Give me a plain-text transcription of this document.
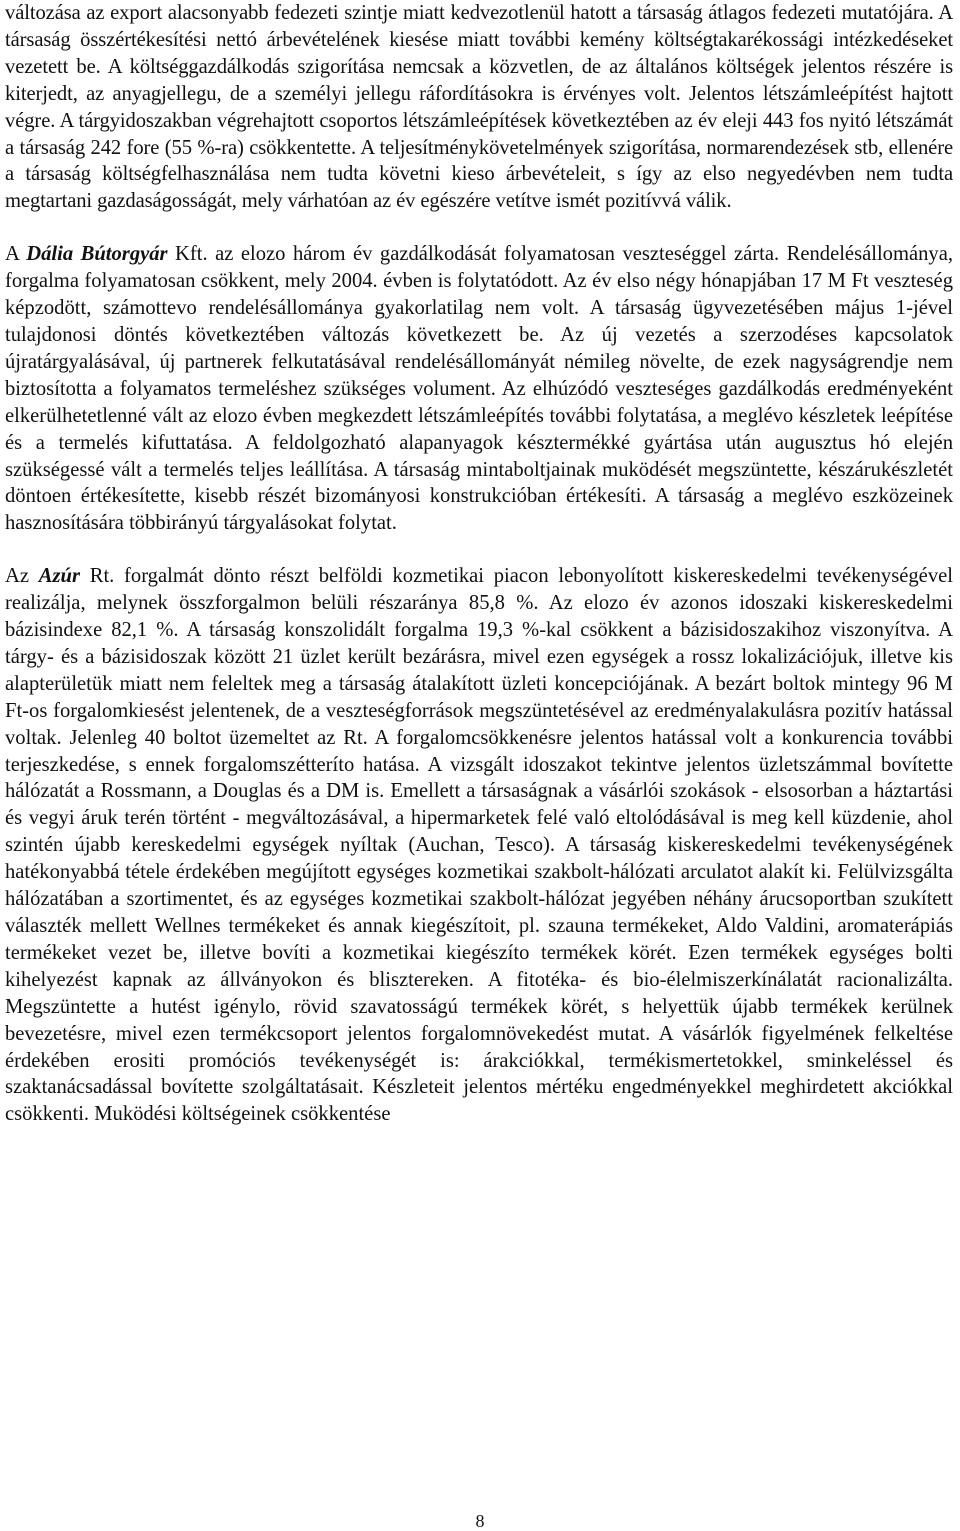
változása az export alacsonyabb fedezeti szintje miatt kedvezotlenül hatott a társaság átlagos fedezeti mutatójára. A társaság összértékesítési nettó árbevételének kiesése miatt további kemény költségtakarékossági intézkedéseket vezetett be. A költséggazdálkodás szigorítása nemcsak a közvetlen, de az általános költségek jelentos részére is kiterjedt, az anyagjellegu, de a személyi jellegu ráfordításokra is érvényes volt. Jelentos létszámleépítést hajtott végre. A tárgyidoszakban végrehajtott csoportos létszámleépítések következtében az év eleji 443 fos nyitó létszámát a társaság 242 fore (55 %-ra) csökkentette. A teljesítménykövetelmények szigorítása, normarendezések stb, ellenére a társaság költségfelhasználása nem tudta követni kieso árbevételeit, s így az elso negyedévben nem tudta megtartani gazdaságosságát, mely várhatóan az év egészére vetítve ismét pozitívvá válik.

A Dália Bútorgyár Kft. az elozo három év gazdálkodását folyamatosan veszteséggel zárta. Rendelésállománya, forgalma folyamatosan csökkent, mely 2004. évben is folytatódott. Az év elso négy hónapjában 17 M Ft veszteség képzodött, számottevo rendelésállománya gyakorlatilag nem volt. A társaság ügyvezetésében május 1-jével tulajdonosi döntés következtében változás következett be. Az új vezetés a szerzodéses kapcsolatok újratárgyalásával, új partnerek felkutatásával rendelésállományát némileg növelte, de ezek nagyságrendje nem biztosította a folyamatos termeléshez szükséges volument. Az elhúzódó veszteséges gazdálkodás eredményeként elkerülhetetlenné vált az elozo évben megkezdett létszámleépítés további folytatása, a meglévo készletek leépítése és a termelés kifuttatása. A feldolgozható alapanyagok késztermékké gyártása után augusztus hó elején szükségessé vált a termelés teljes leállítása. A társaság mintaboltjainak muködését megszüntette, készárukészletét döntoen értékesítette, kisebb részét bizományosi konstrukcióban értékesíti. A társaság a meglévo eszközeinek hasznosítására többirányú tárgyalásokat folytat.

Az Azúr Rt. forgalmát dönto részt belföldi kozmetikai piacon lebonyolított kiskereskedelmi tevékenységével realizálja, melynek összforgalmon belüli részaránya 85,8 %. Az elozo év azonos idoszaki kiskereskedelmi bázisindexe 82,1 %. A társaság konszolidált forgalma 19,3 %-kal csökkent a bázisidoszakihoz viszonyítva. A tárgy- és a bázisidoszak között 21 üzlet került bezárásra, mivel ezen egységek a rossz lokalizációjuk, illetve kis alapterületük miatt nem feleltek meg a társaság átalakított üzleti koncepciójának. A bezárt boltok mintegy 96 M Ft-os forgalomkiesést jelentenek, de a veszteségforrások megszüntetésével az eredményalakulásra pozitív hatással voltak. Jelenleg 40 boltot üzemeltet az Rt. A forgalomcsökkenésre jelentos hatással volt a konkurencia további terjeszkedése, s ennek forgalomszétteríto hatása. A vizsgált idoszakot tekintve jelentos üzletszámmal bovítette hálózatát a Rossmann, a Douglas és a DM is. Emellett a társaságnak a vásárlói szokások - elsosorban a háztartási és vegyi áruk terén történt - megváltozásával, a hipermarketek felé való eltolódásával is meg kell küzdenie, ahol szintén újabb kereskedelmi egységek nyíltak (Auchan, Tesco). A társaság kiskereskedelmi tevékenységének hatékonyabbá tétele érdekében megújított egységes kozmetikai szakbolt-hálózati arculatot alakít ki. Felülvizsgálta hálózatában a szortimentet, és az egységes kozmetikai szakbolt-hálózat jegyében néhány árucsoportban szukített választék mellett Wellnes termékeket és annak kiegészítoit, pl. szauna termékeket, Aldo Valdini, aromaterápiás termékeket vezet be, illetve bovíti a kozmetikai kiegészíto termékek körét. Ezen termékek egységes bolti kihelyezést kapnak az állványokon és blisztereken. A fitotéka- és bio-élelmiszerkínálatát racionalizálta. Megszüntette a hutést igénylo, rövid szavatosságú termékek körét, s helyettük újabb termékek kerülnek bevezetésre, mivel ezen termékcsoport jelentos forgalomnövekedést mutat. A vásárlók figyelmének felkeltése érdekében erositi promóciós tevékenységét is: árakciókkal, termékismertetokkel, sminkeléssel és szaktanácsadással bovítette szolgáltatásait. Készleteit jelentos mértéku engedményekkel meghirdetett akciókkal csökkenti. Muködési költségeinek csökkentése

8
